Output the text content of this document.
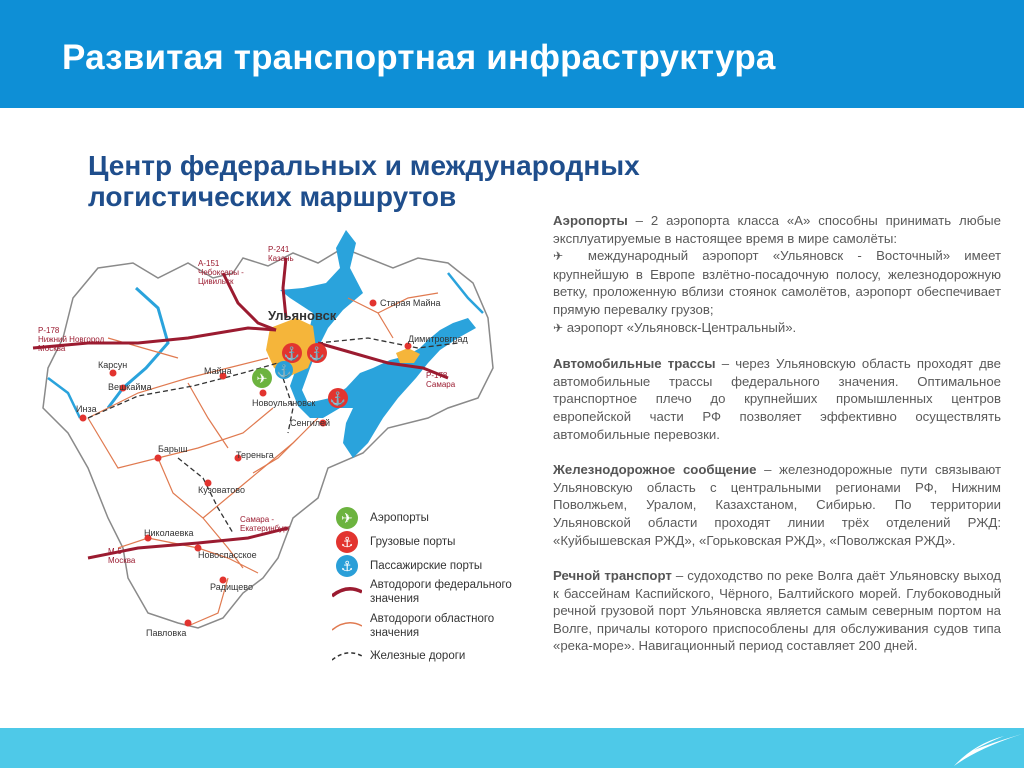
Развитая транспортная инфраструктура
Центр федеральных и международных
логистических маршрутов
Ульяновск
Старая Майна
Димитровград
Новоульяновск
Майна
Карсун
Вешкайма
Инза
Сенгилей
Барыш
Тереньга
Кузоватово
Николаевка
Новоспасское
Радищево
Павловка
А-151
Чебоксары -
Цивильск
Р-241
Казань
Р-178
Нижний Новгород
Москва
Р-178
Самара
М-5
Москва
Самара -
Екатеринбург
⚓ ⚓
⚓
⚓
✈
✈ Аэропорты
⚓ Грузовые порты
⚓ Пассажирские порты
Автодороги федерального значения
Автодороги областного значения
Железные дороги

Аэропорты – 2 аэропорта класса «А» способны принимать любые эксплуатируемые в настоящее время в мире самолёты:
✈ международный аэропорт «Ульяновск - Восточный» имеет крупнейшую в Европе взлётно-посадочную полосу, железнодорожную ветку, проложенную вблизи стоянок самолётов, аэропорт обеспечивает прямую перевалку грузов;
✈ аэропорт «Ульяновск-Центральный».

Автомобильные трассы – через Ульяновскую область проходят две автомобильные трассы федерального значения. Оптимальное транспортное плечо до крупнейших промышленных центров европейской части РФ позволяет эффективно осуществлять автомобильные перевозки.

Железнодорожное сообщение – железнодорожные пути связывают Ульяновскую область с центральными регионами РФ, Нижним Поволжьем, Уралом, Казахстаном, Сибирью. По территории Ульяновской области проходят линии трёх отделений РЖД: «Куйбышевская РЖД», «Горьковская РЖД», «Поволжская РЖД».

Речной транспорт – судоходство по реке Волга даёт Ульяновску выход к бассейнам Каспийского, Чёрного, Балтийского морей. Глубоководный речной грузовой порт Ульяновска является самым северным портом на Волге, причалы которого приспособлены для обслуживания судов типа «река-море». Навигационный период составляет 200 дней.
